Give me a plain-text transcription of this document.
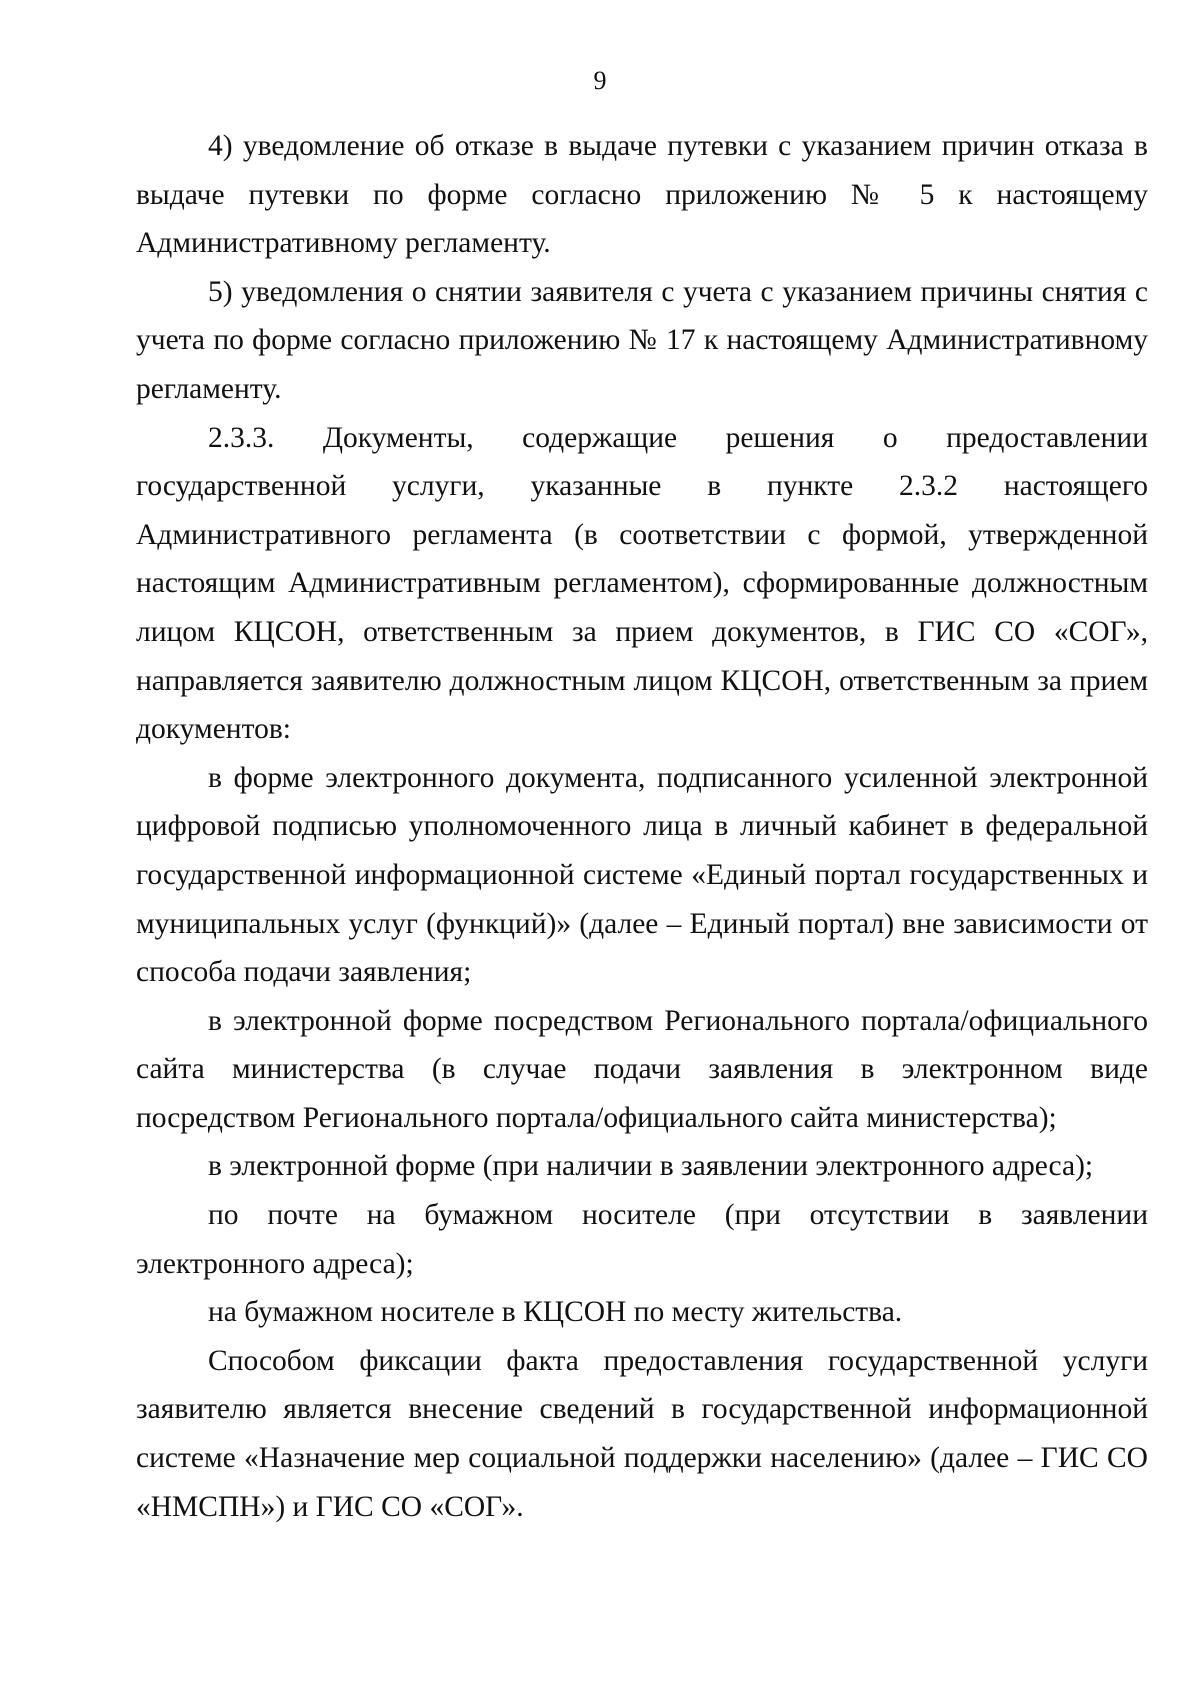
9

4) уведомление об отказе в выдаче путевки с указанием причин отказа в выдаче путевки по форме согласно приложению № 5 к настоящему Административному регламенту.

5) уведомления о снятии заявителя с учета с указанием причины снятия с учета по форме согласно приложению № 17 к настоящему Административному регламенту.

2.3.3. Документы, содержащие решения о предоставлении государственной услуги, указанные в пункте 2.3.2 настоящего Административного регламента (в соответствии с формой, утвержденной настоящим Административным регламентом), сформированные должностным лицом КЦСОН, ответственным за прием документов, в ГИС СО «СОГ», направляется заявителю должностным лицом КЦСОН, ответственным за прием документов:

в форме электронного документа, подписанного усиленной электронной цифровой подписью уполномоченного лица в личный кабинет в федеральной государственной информационной системе «Единый портал государственных и муниципальных услуг (функций)» (далее – Единый портал) вне зависимости от способа подачи заявления;

в электронной форме посредством Регионального портала/официального сайта министерства (в случае подачи заявления в электронном виде посредством Регионального портала/официального сайта министерства);

в электронной форме (при наличии в заявлении электронного адреса);

по почте на бумажном носителе (при отсутствии в заявлении электронного адреса);

на бумажном носителе в КЦСОН по месту жительства.

Способом фиксации факта предоставления государственной услуги заявителю является внесение сведений в государственной информационной системе «Назначение мер социальной поддержки населению» (далее – ГИС СО «НМСПН») и ГИС СО «СОГ».
